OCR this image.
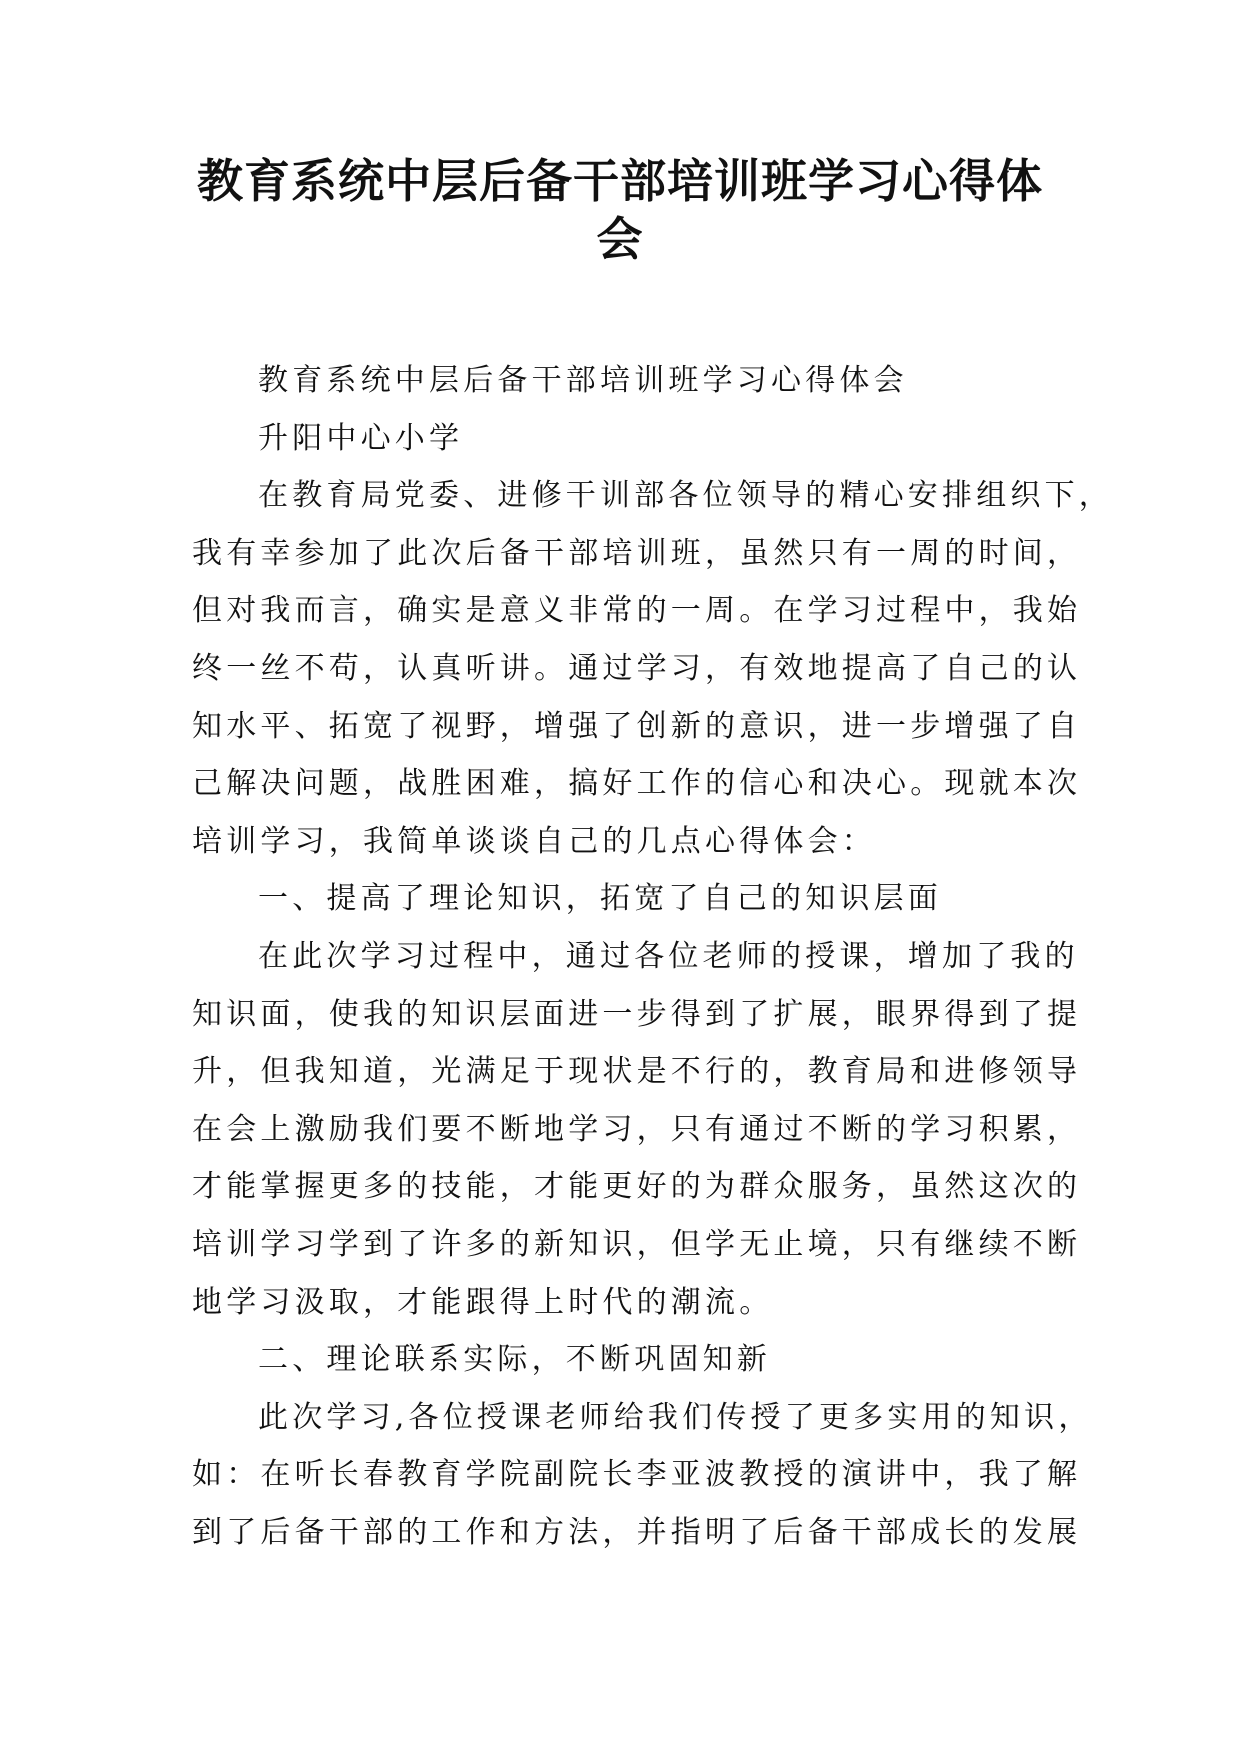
教育系统中层后备干部培训班学习心得体
会
教育系统中层后备干部培训班学习心得体会
升阳中心小学
在教育局党委、进修干训部各位领导的精心安排组织下，
我有幸参加了此次后备干部培训班，虽然只有一周的时间，
但对我而言，确实是意义非常的一周。在学习过程中，我始
终一丝不苟，认真听讲。通过学习，有效地提高了自己的认
知水平、拓宽了视野，增强了创新的意识，进一步增强了自
己解决问题，战胜困难，搞好工作的信心和决心。现就本次
培训学习，我简单谈谈自己的几点心得体会：
一、提高了理论知识，拓宽了自己的知识层面
在此次学习过程中，通过各位老师的授课，增加了我的
知识面，使我的知识层面进一步得到了扩展，眼界得到了提
升，但我知道，光满足于现状是不行的，教育局和进修领导
在会上激励我们要不断地学习，只有通过不断的学习积累，
才能掌握更多的技能，才能更好的为群众服务，虽然这次的
培训学习学到了许多的新知识，但学无止境，只有继续不断
地学习汲取，才能跟得上时代的潮流。
二、理论联系实际，不断巩固知新
此次学习,各位授课老师给我们传授了更多实用的知识，
如：在听长春教育学院副院长李亚波教授的演讲中，我了解
到了后备干部的工作和方法，并指明了后备干部成长的发展
